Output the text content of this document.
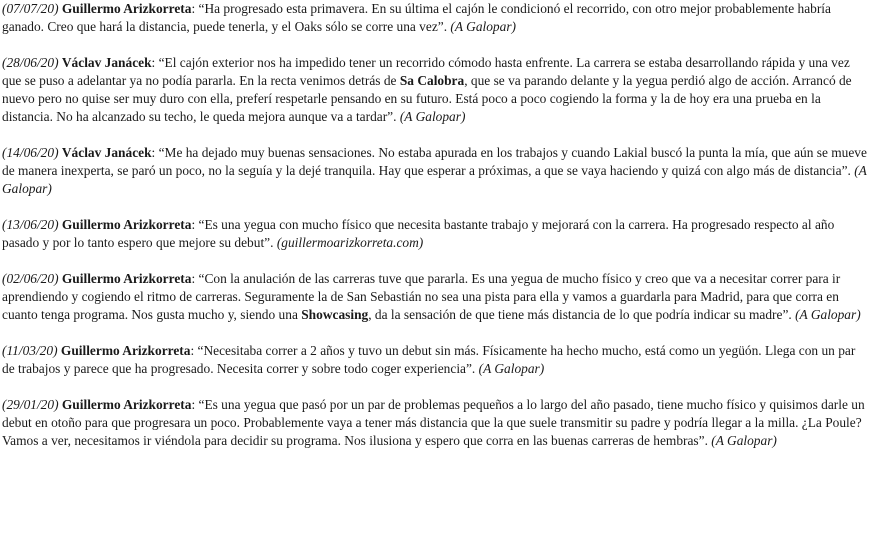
(07/07/20) Guillermo Arizkorreta: “Ha progresado esta primavera. En su última el cajón le condicionó el recorrido, con otro mejor probablemente habría ganado. Creo que hará la distancia, puede tenerla, y el Oaks sólo se corre una vez”. (A Galopar)

(28/06/20) Václav Janácek: “El cajón exterior nos ha impedido tener un recorrido cómodo hasta enfrente. La carrera se estaba desarrollando rápida y una vez que se puso a adelantar ya no podía pararla. En la recta venimos detrás de Sa Calobra, que se va parando delante y la yegua perdió algo de acción. Arrancó de nuevo pero no quise ser muy duro con ella, preferí respetarle pensando en su futuro. Está poco a poco cogiendo la forma y la de hoy era una prueba en la distancia. No ha alcanzado su techo, le queda mejora aunque va a tardar”. (A Galopar)

(14/06/20) Václav Janácek: “Me ha dejado muy buenas sensaciones. No estaba apurada en los trabajos y cuando Lakial buscó la punta la mía, que aún se mueve de manera inexperta, se paró un poco, no la seguía y la dejé tranquila. Hay que esperar a próximas, a que se vaya haciendo y quizá con algo más de distancia”. (A Galopar)

(13/06/20) Guillermo Arizkorreta: “Es una yegua con mucho físico que necesita bastante trabajo y mejorará con la carrera. Ha progresado respecto al año pasado y por lo tanto espero que mejore su debut”. (guillermoarizkorreta.com)

(02/06/20) Guillermo Arizkorreta: “Con la anulación de las carreras tuve que pararla. Es una yegua de mucho físico y creo que va a necesitar correr para ir aprendiendo y cogiendo el ritmo de carreras. Seguramente la de San Sebastián no sea una pista para ella y vamos a guardarla para Madrid, para que corra en cuanto tenga programa. Nos gusta mucho y, siendo una Showcasing, da la sensación de que tiene más distancia de lo que podría indicar su madre”. (A Galopar)

(11/03/20) Guillermo Arizkorreta: “Necesitaba correr a 2 años y tuvo un debut sin más. Físicamente ha hecho mucho, está como un yegüón. Llega con un par de trabajos y parece que ha progresado. Necesita correr y sobre todo coger experiencia”. (A Galopar)

(29/01/20) Guillermo Arizkorreta: “Es una yegua que pasó por un par de problemas pequeños a lo largo del año pasado, tiene mucho físico y quisimos darle un debut en otoño para que progresara un poco. Probablemente vaya a tener más distancia que la que suele transmitir su padre y podría llegar a la milla. ¿La Poule? Vamos a ver, necesitamos ir viéndola para decidir su programa. Nos ilusiona y espero que corra en las buenas carreras de hembras”. (A Galopar)
